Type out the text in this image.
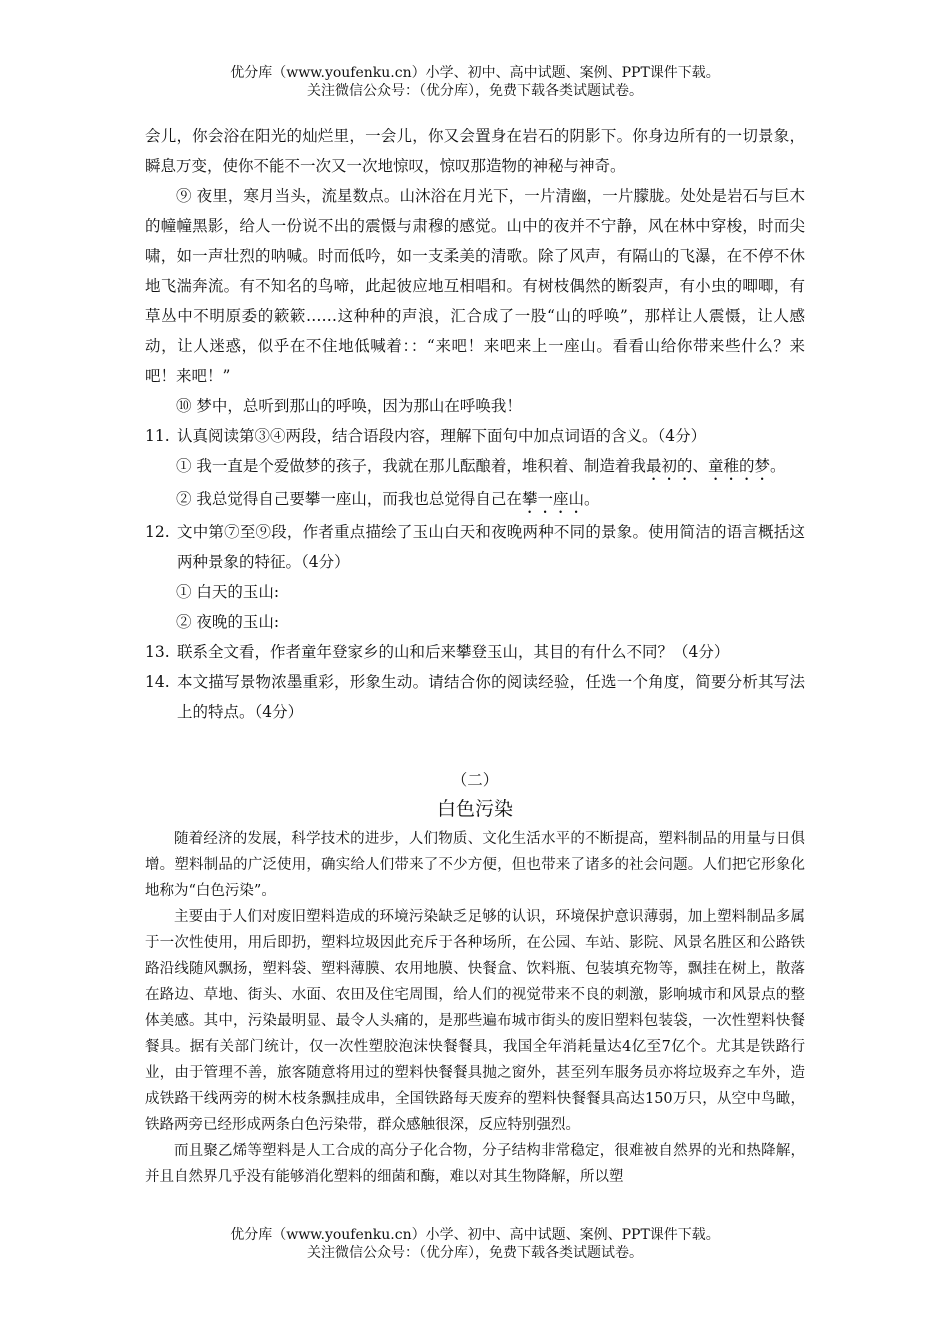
优分库（www.youfenku.cn）小学、初中、高中试题、案例、PPT课件下载。
关注微信公众号：（优分库），免费下载各类试题试卷。

会儿，你会浴在阳光的灿烂里，一会儿，你又会置身在岩石的阴影下。你身边所有的一切景象，瞬息万变，使你不能不一次又一次地惊叹，惊叹那造物的神秘与神奇。

⑨ 夜里，寒月当头，流星数点。山沐浴在月光下，一片清幽，一片朦胧。处处是岩石与巨木的幢幢黑影，给人一份说不出的震慑与肃穆的感觉。山中的夜并不宁静，风在林中穿梭，时而尖啸，如一声壮烈的呐喊。时而低吟，如一支柔美的清歌。除了风声，有隔山的飞瀑，在不停不休地飞湍奔流。有不知名的鸟啼，此起彼应地互相唱和。有树枝偶然的断裂声，有小虫的唧唧，有草丛中不明原委的簌簌……这种种的声浪，汇合成了一股“山的呼唤”，那样让人震慑，让人感动，让人迷惑，似乎在不住地低喊着：：“来吧！来吧来上一座山。看看山给你带来些什么？来吧！来吧！”

⑩ 梦中，总听到那山的呼唤，因为那山在呼唤我！

11. 认真阅读第③④两段，结合语段内容，理解下面句中加点词语的含义。（4分）

① 我一直是个爱做梦的孩子，我就在那儿酝酿着，堆积着、制造着我最初的、童稚的梦。

② 我总觉得自己要攀一座山，而我也总觉得自己在攀一座山。

12. 文中第⑦至⑨段，作者重点描绘了玉山白天和夜晚两种不同的景象。使用简洁的语言概括这两种景象的特征。（4分）

① 白天的玉山:

② 夜晚的玉山:

13. 联系全文看，作者童年登家乡的山和后来攀登玉山，其目的有什么不同？（4分）
14. 本文描写景物浓墨重彩，形象生动。请结合你的阅读经验，任选一个角度，简要分析其写法上的特点。（4分）
（二）
白色污染

随着经济的发展，科学技术的进步，人们物质、文化生活水平的不断提高，塑料制品的用量与日俱增。塑料制品的广泛使用，确实给人们带来了不少方便，但也带来了诸多的社会问题。人们把它形象化地称为“白色污染”。

主要由于人们对废旧塑料造成的环境污染缺乏足够的认识，环境保护意识薄弱，加上塑料制品多属于一次性使用，用后即扔，塑料垃圾因此充斥于各种场所，在公园、车站、影院、风景名胜区和公路铁路沿线随风飘扬，塑料袋、塑料薄膜、农用地膜、快餐盒、饮料瓶、包装填充物等，飘挂在树上，散落在路边、草地、街头、水面、农田及住宅周围，给人们的视觉带来不良的刺激，影响城市和风景点的整体美感。其中，污染最明显、最令人头痛的，是那些遍布城市街头的废旧塑料包装袋，一次性塑料快餐餐具。据有关部门统计，仅一次性塑胶泡沫快餐餐具，我国全年消耗量达4亿至7亿个。尤其是铁路行业，由于管理不善，旅客随意将用过的塑料快餐餐具抛之窗外，甚至列车服务员亦将垃圾弃之车外，造成铁路干线两旁的树木枝条飘挂成串，全国铁路每天废弃的塑料快餐餐具高达150万只，从空中鸟瞰，铁路两旁已经形成两条白色污染带，群众感触很深，反应特别强烈。

而且聚乙烯等塑料是人工合成的高分子化合物，分子结构非常稳定，很难被自然界的光和热降解，并且自然界几乎没有能够消化塑料的细菌和酶，难以对其生物降解，所以塑

优分库（www.youfenku.cn）小学、初中、高中试题、案例、PPT课件下载。
关注微信公众号：（优分库），免费下载各类试题试卷。
